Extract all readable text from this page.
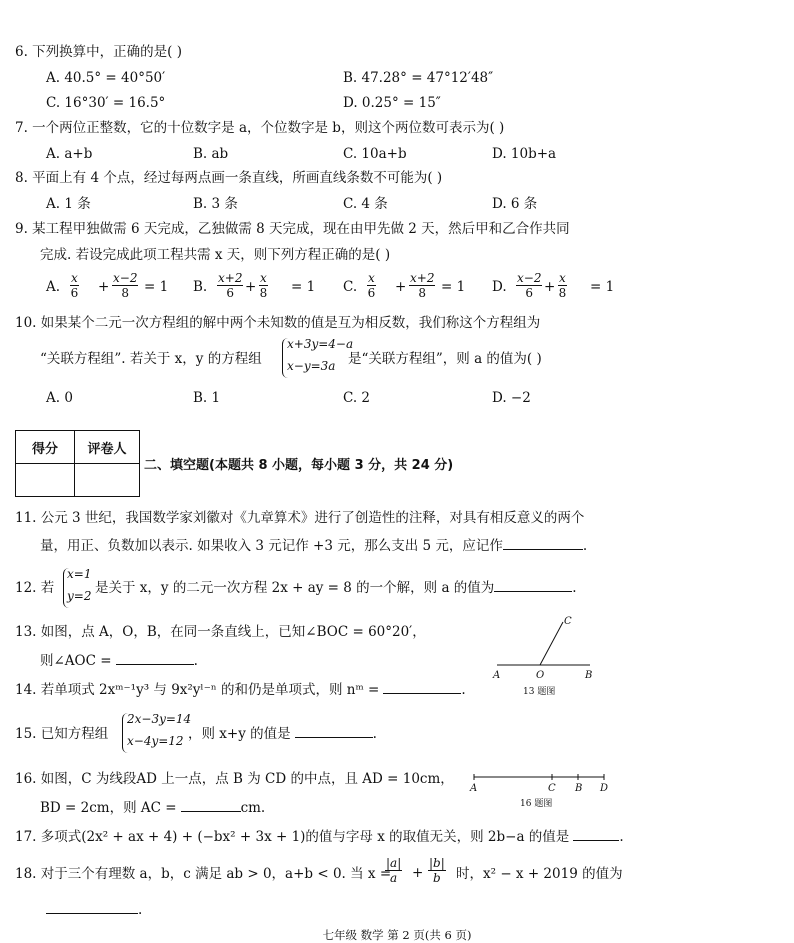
6. 下列换算中，正确的是( )
A. 40.5° = 40°50′	B. 47.28° = 47°12′48″
C. 16°30′ = 16.5°	D. 0.25° = 15″
7. 一个两位正整数，它的十位数字是 a，个位数字是 b，则这个两位数可表示为( )
A. a+b	B. ab	C. 10a+b	D. 10b+a
8. 平面上有 4 个点，经过每两点画一条直线，所画直线条数不可能为( )
A. 1 条	B. 3 条	C. 4 条	D. 6 条
9. 某工程甲独做需 6 天完成，乙独做需 8 天完成，现在由甲先做 2 天，然后甲和乙合作共同
完成. 若设完成此项工程共需 x 天，则下列方程正确的是( )
A. $\frac{x}{6} + \frac{x-2}{8} = 1$ B. $\frac{x+2}{6} + \frac{x}{8} = 1$ C. $\frac{x}{6} + \frac{x+2}{8} = 1$ D. $\frac{x-2}{6} + \frac{x}{8} = 1$
10. 如果某个二元一次方程组的解中两个未知数的值是互为相反数，我们称这个方程组为
“关联方程组”. 若关于 x，y 的方程组
x+3y=4−a
x−y=3a 是“关联方程组”，则 a 的值为( )
A. 0	B. 1	C. 2	D. −2
得分	评卷人

二、填空题(本题共 8 小题，每小题 3 分，共 24 分)
11. 公元 3 世纪，我国数学家刘徽对《九章算术》进行了创造性的注释，对具有相反意义的两个
量，用正、负数加以表示. 如果收入 3 元记作 +3 元，那么支出 5 元，应记作	.
12. 若
x=1
y=2 是关于 x，y 的二元一次方程 2x + ay = 8 的一个解，则 a 的值为	.
13. 如图，点 A，O，B，在同一条直线上，已知∠BOC = 60°20′，
则∠AOC =	.
A	O	B
C
13 题图
14. 若单项式 2xᵐ⁻¹y³ 与 9x²yˡ⁻ⁿ 的和仍是单项式，则 nᵐ =	.
15. 已知方程组
2x−3y=14
x−4y=12 ，则 x+y 的值是	.
16. 如图，C 为线段AD 上一点，点 B 为 CD 的中点，且 AD = 10cm，
BD = 2cm，则 AC =	cm.
A	C B D
16 题图
17. 多项式(2x² + ax + 4) + (−bx² + 3x + 1)的值与字母 x 的取值无关，则 2b−a 的值是	.
18. 对于三个有理数 a，b，c 满足 ab > 0，a+b < 0. 当 x =
$\frac{|a|}{a} + \frac{|b|}{b}$ 时，x² − x + 2019 的值为
.
七年级 数学 第 2 页(共 6 页)
